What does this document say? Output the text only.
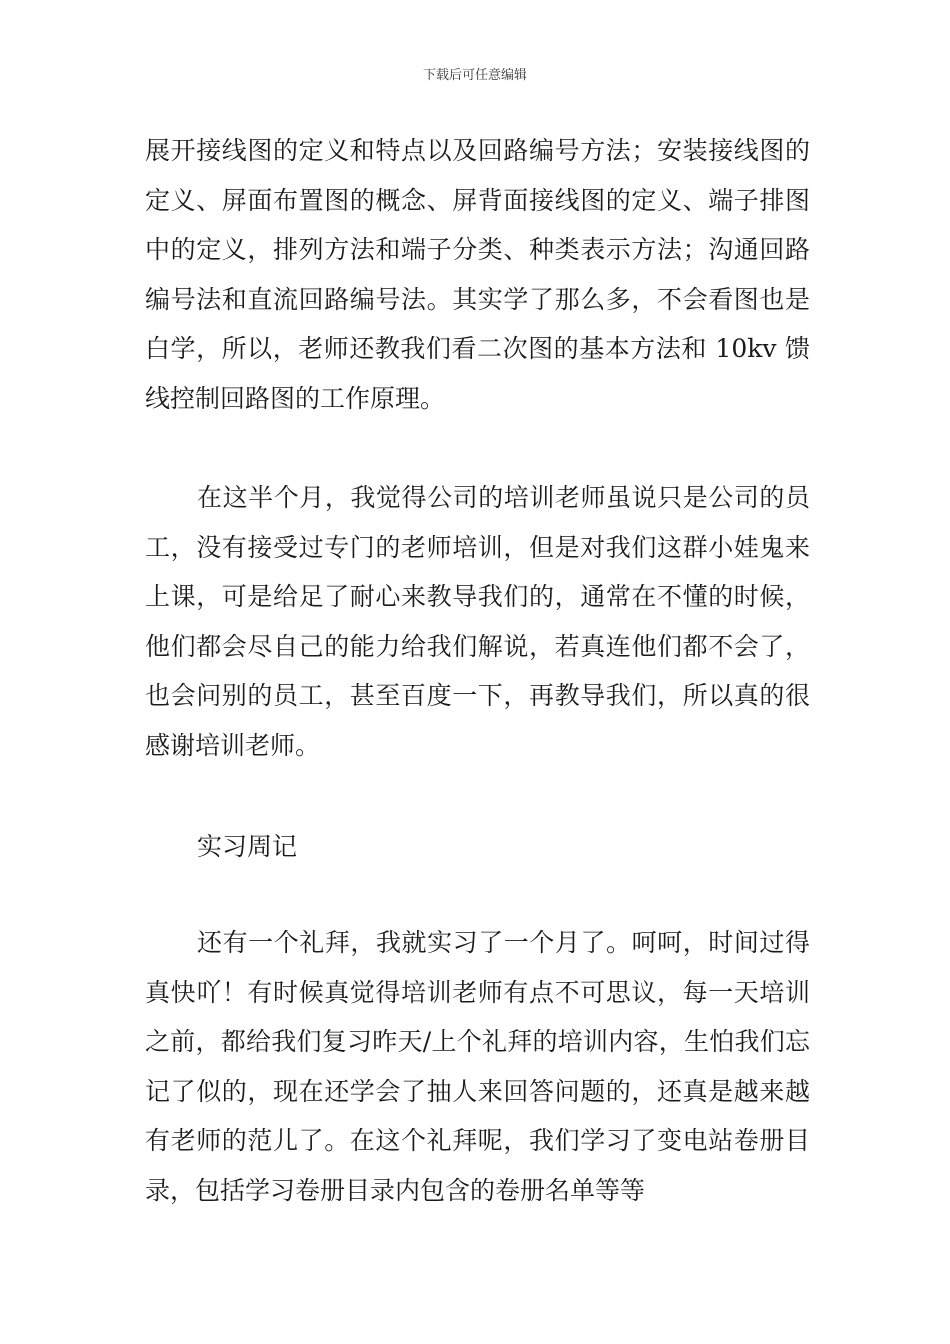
下载后可任意编辑

展开接线图的定义和特点以及回路编号方法；安装接线图的定义、屏面布置图的概念、屏背面接线图的定义、端子排图中的定义，排列方法和端子分类、种类表示方法；沟通回路编号法和直流回路编号法。其实学了那么多，不会看图也是白学，所以，老师还教我们看二次图的基本方法和 10kv 馈线控制回路图的工作原理。

在这半个月，我觉得公司的培训老师虽说只是公司的员工，没有接受过专门的老师培训，但是对我们这群小娃鬼来上课，可是给足了耐心来教导我们的，通常在不懂的时候，他们都会尽自己的能力给我们解说，若真连他们都不会了，也会问别的员工，甚至百度一下，再教导我们，所以真的很感谢培训老师。

实习周记

还有一个礼拜，我就实习了一个月了。呵呵，时间过得真快吖！有时候真觉得培训老师有点不可思议，每一天培训之前，都给我们复习昨天/上个礼拜的培训内容，生怕我们忘记了似的，现在还学会了抽人来回答问题的，还真是越来越有老师的范儿了。在这个礼拜呢，我们学习了变电站卷册目录，包括学习卷册目录内包含的卷册名单等等
